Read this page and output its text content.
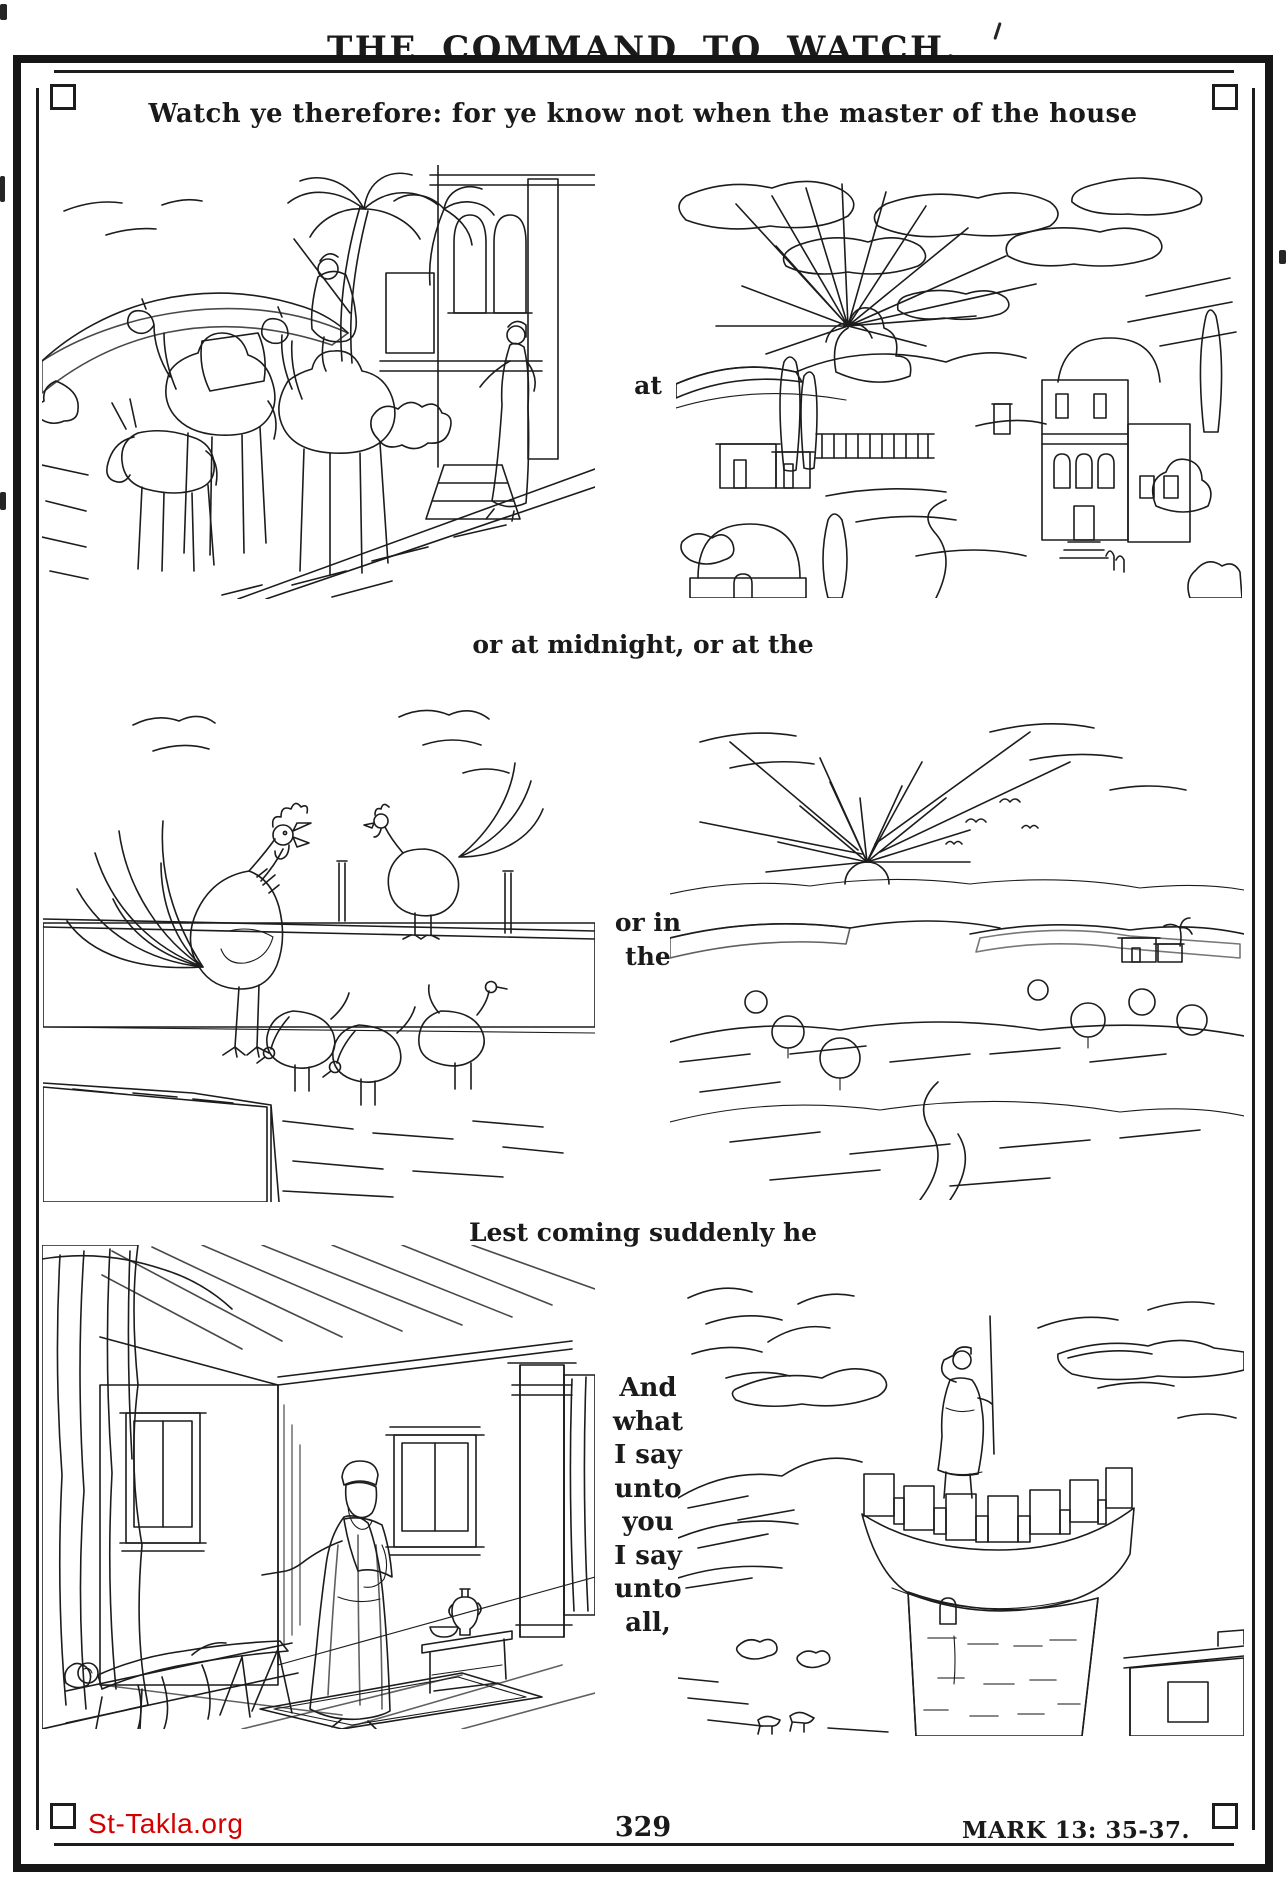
THE COMMAND TO WATCH.
Watch ye therefore: for ye know not when the master of the house
at
or at midnight, or at the
or in
the
Lest coming suddenly he
And
what
I say
unto
you
I say
unto
all,
St-Takla.org	329	MARK 13: 35-37.
